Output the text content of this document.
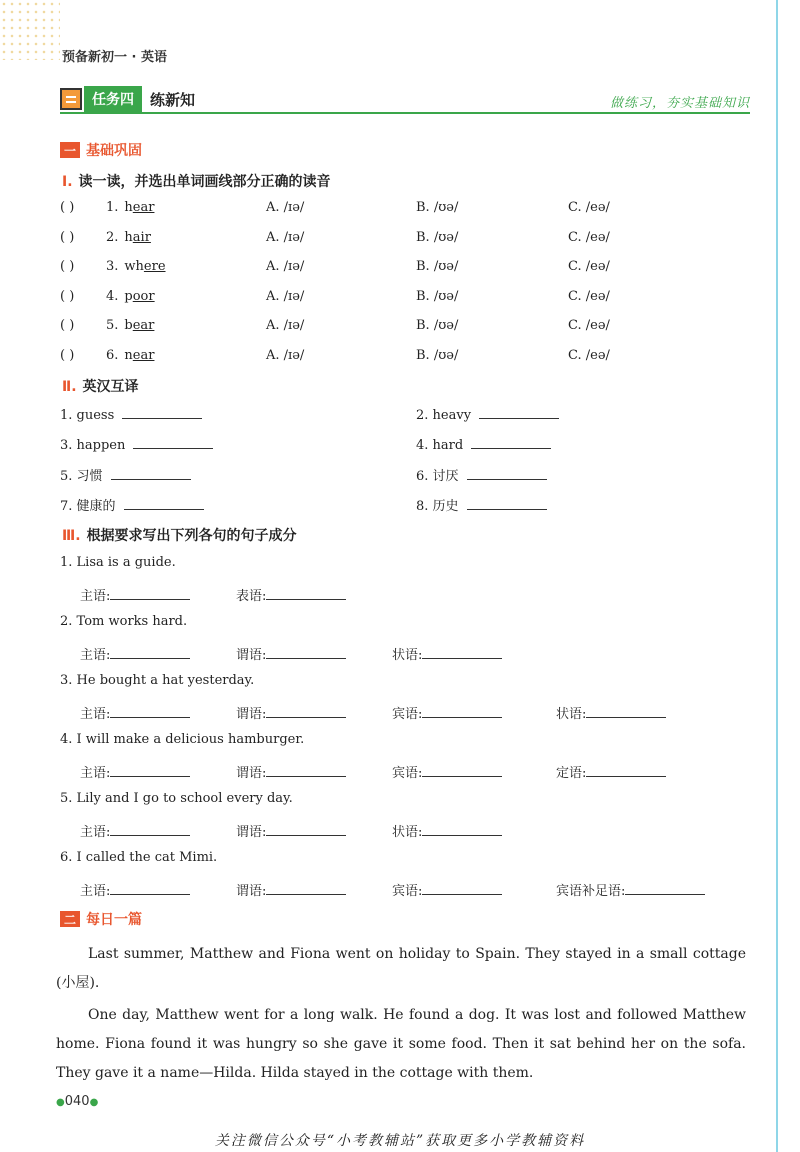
预备新初一 · 英语
任务四	练新知	做练习，夯实基础知识
一 基础巩固
Ⅰ. 读一读，并选出单词画线部分正确的读音
( ) 1. hear	A. /ɪə/	B. /ʊə/	C. /eə/
( ) 2. hair	A. /ɪə/	B. /ʊə/	C. /eə/
( ) 3. where	A. /ɪə/	B. /ʊə/	C. /eə/
( ) 4. poor	A. /ɪə/	B. /ʊə/	C. /eə/
( ) 5. bear	A. /ɪə/	B. /ʊə/	C. /eə/
( ) 6. near	A. /ɪə/	B. /ʊə/	C. /eə/
Ⅱ. 英汉互译
1. guess	2. heavy
3. happen	4. hard
5. 习惯	6. 讨厌
7. 健康的	8. 历史
Ⅲ. 根据要求写出下列各句的句子成分
1. Lisa is a guide.
主语:	表语:
2. Tom works hard.
主语:	谓语:	状语:
3. He bought a hat yesterday.
主语:	谓语:	宾语:	状语:
4. I will make a delicious hamburger.
主语:	谓语:	宾语:	定语:
5. Lily and I go to school every day.
主语:	谓语:	状语:
6. I called the cat Mimi.
主语:	谓语:	宾语:	宾语补足语:
二 每日一篇
Last summer, Matthew and Fiona went on holiday to Spain. They stayed in a small cottage (小屋).
One day, Matthew went for a long walk. He found a dog. It was lost and followed Matthew home. Fiona found it was hungry so she gave it some food. Then it sat behind her on the sofa. They gave it a name—Hilda. Hilda stayed in the cottage with them.
●040●
关注微信公众号“小考教辅站”获取更多小学教辅资料
